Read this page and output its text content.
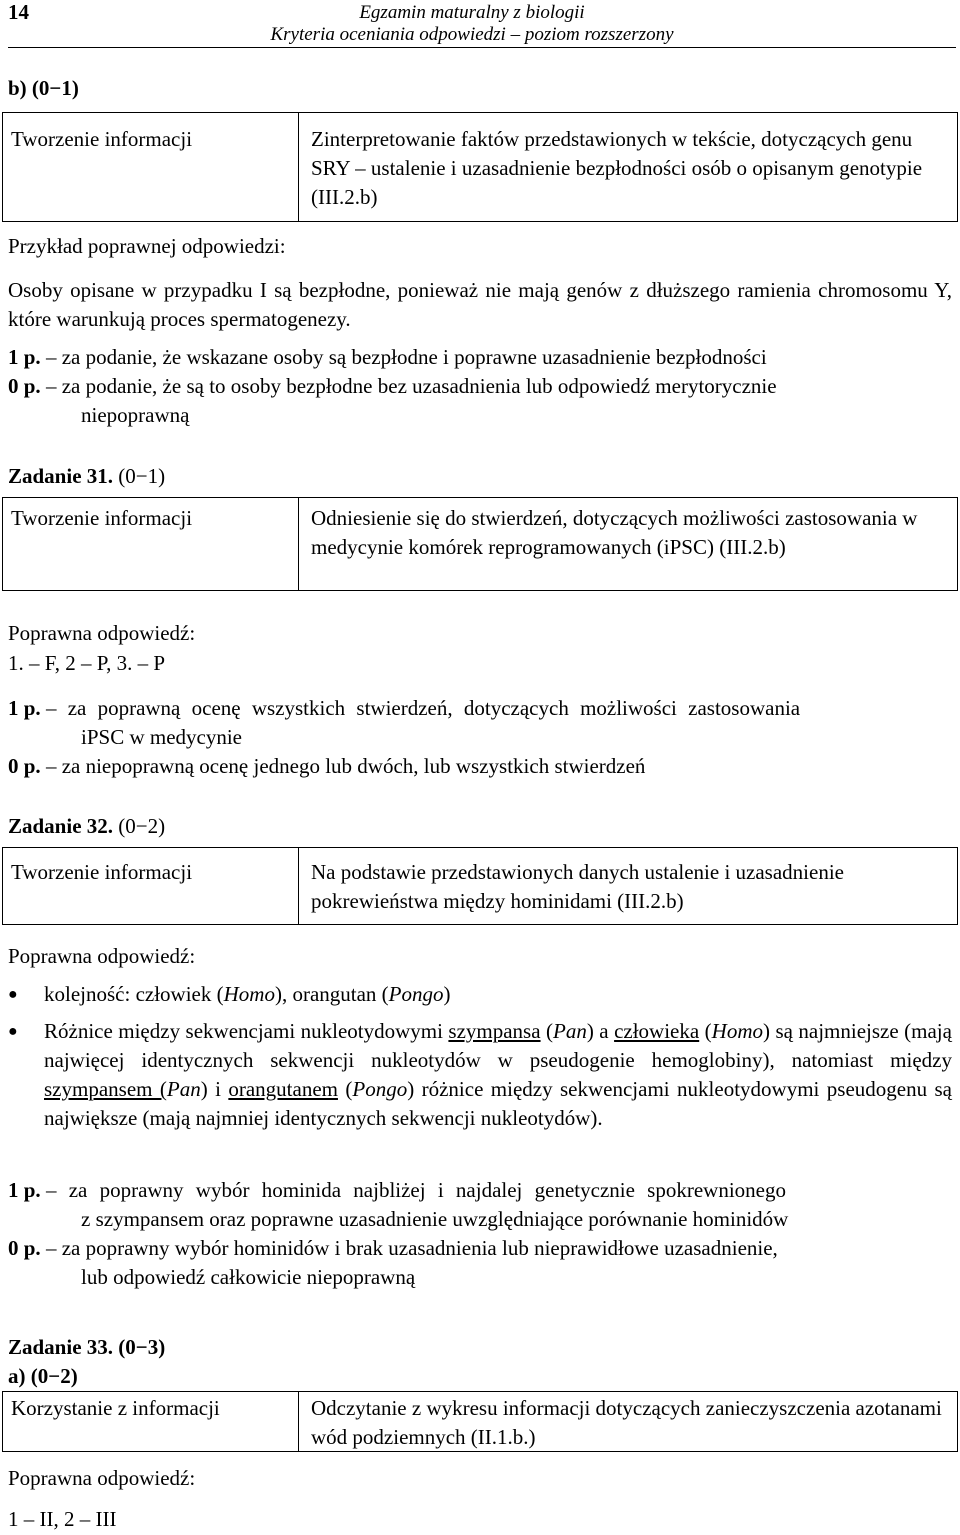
14	Egzamin maturalny z biologii
Kryteria oceniania odpowiedzi – poziom rozszerzony
b) (0−1)
Tworzenie informacji	Zinterpretowanie faktów przedstawionych w tekście, dotyczących genu SRY – ustalenie i uzasadnienie bezpłodności osób o opisanym genotypie (III.2.b)
Przykład poprawnej odpowiedzi:
Osoby opisane w przypadku I są bezpłodne, ponieważ nie mają genów z dłuższego ramienia chromosomu Y, które warunkują proces spermatogenezy.
1 p. – za podanie, że wskazane osoby są bezpłodne i poprawne uzasadnienie bezpłodności
0 p. – za podanie, że są to osoby bezpłodne bez uzasadnienia lub odpowiedź merytorycznie
niepoprawną
Zadanie 31. (0−1)
Tworzenie informacji	Odniesienie się do stwierdzeń, dotyczących możliwości zastosowania w medycynie komórek reprogramowanych (iPSC) (III.2.b)
Poprawna odpowiedź:
1. – F, 2 – P, 3. – P
1 p. – za poprawną ocenę wszystkich stwierdzeń, dotyczących możliwości zastosowania
iPSC w medycynie
0 p. – za niepoprawną ocenę jednego lub dwóch, lub wszystkich stwierdzeń
Zadanie 32. (0−2)
Tworzenie informacji	Na podstawie przedstawionych danych ustalenie i uzasadnienie pokrewieństwa między hominidami (III.2.b)
Poprawna odpowiedź:
● kolejność: człowiek (Homo), orangutan (Pongo)
● Różnice między sekwencjami nukleotydowymi szympansa (Pan) a człowieka (Homo) są najmniejsze (mają najwięcej identycznych sekwencji nukleotydów w pseudogenie hemoglobiny), natomiast między szympansem (Pan) i orangutanem (Pongo) różnice między sekwencjami nukleotydowymi pseudogenu są największe (mają najmniej identycznych sekwencji nukleotydów).
1 p. – za poprawny wybór hominida najbliżej i najdalej genetycznie spokrewnionego
z szympansem oraz poprawne uzasadnienie uwzględniające porównanie hominidów
0 p. – za poprawny wybór hominidów i brak uzasadnienia lub nieprawidłowe uzasadnienie,
lub odpowiedź całkowicie niepoprawną
Zadanie 33. (0−3)
a) (0−2)
Korzystanie z informacji	Odczytanie z wykresu informacji dotyczących zanieczyszczenia azotanami wód podziemnych (II.1.b.)
Poprawna odpowiedź:
1 – II, 2 – III
